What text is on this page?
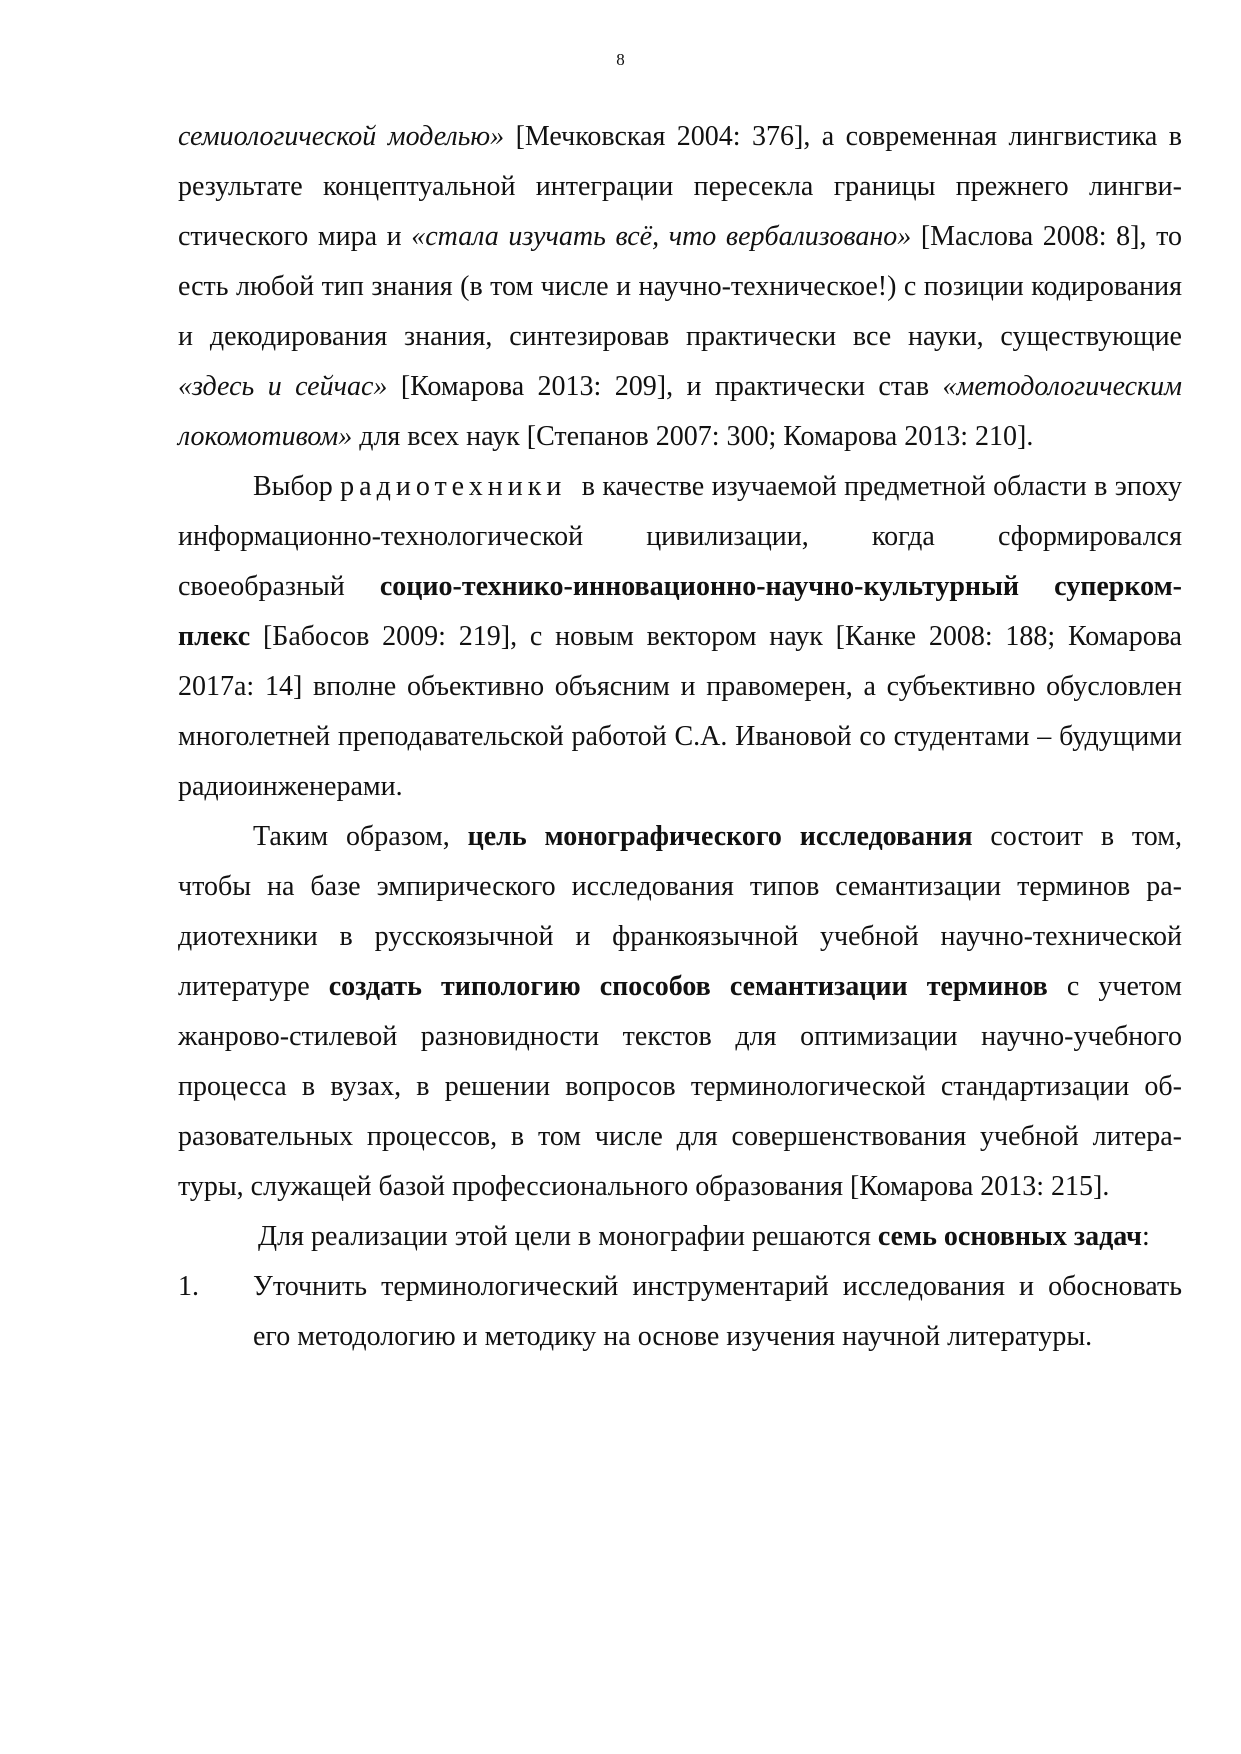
8

семиологической моделью» [Мечковская 2004: 376], а современная лингвистика в результате концептуальной интеграции пересекла границы прежнего лингвистического мира и «стала изучать всё, что вербализовано» [Маслова 2008: 8], то есть любой тип знания (в том числе и научно-техническое!) с позиции кодирования и декодирования знания, синтезировав практически все науки, существующие «здесь и сейчас» [Комарова 2013: 209], и практически став «методологическим локомотивом» для всех наук [Степанов 2007: 300; Комарова 2013: 210].

Выбор радиотехники в качестве изучаемой предметной области в эпоху информационно-технологической цивилизации, когда сформировался своеобразный социо-технико-инновационно-научно-культурный суперкомплекс [Бабосов 2009: 219], с новым вектором наук [Канке 2008: 188; Комарова 2017а: 14] вполне объективно объясним и правомерен, а субъективно обусловлен многолетней преподавательской работой С.А. Ивановой со студентами – будущими радиоинженерами.

Таким образом, цель монографического исследования состоит в том, чтобы на базе эмпирического исследования типов семантизации терминов радиотехники в русскоязычной и франкоязычной учебной научно-технической литературе создать типологию способов семантизации терминов с учетом жанрово-стилевой разновидности текстов для оптимизации научно-учебного процесса в вузах, в решении вопросов терминологической стандартизации образовательных процессов, в том числе для совершенствования учебной литературы, служащей базой профессионального образования [Комарова 2013: 215].

Для реализации этой цели в монографии решаются семь основных задач:

1. Уточнить терминологический инструментарий исследования и обосновать его методологию и методику на основе изучения научной литературы.
